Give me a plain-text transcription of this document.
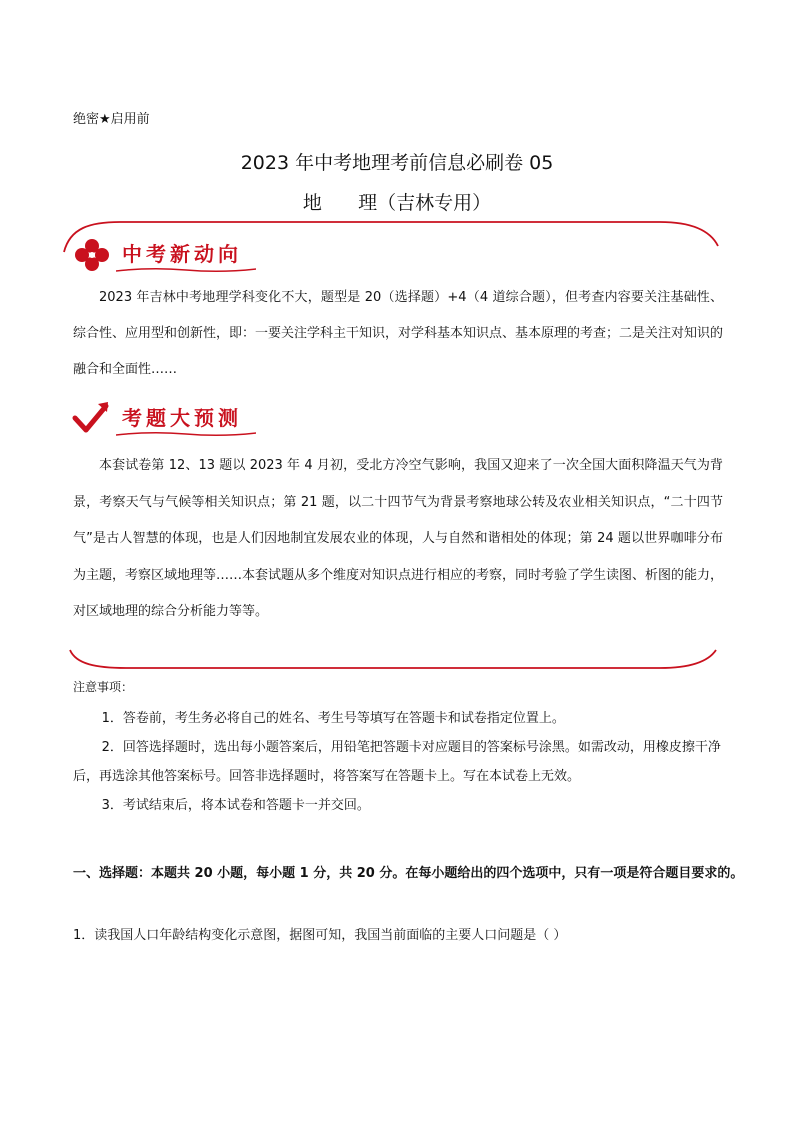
绝密★启用前
2023 年中考地理考前信息必刷卷 05
地      理（吉林专用）
中考新动向
2023 年吉林中考地理学科变化不大，题型是 20（选择题）+4（4 道综合题），但考查内容要关注基础性、综合性、应用型和创新性，即：一要关注学科主干知识，对学科基本知识点、基本原理的考查；二是关注对知识的融合和全面性……
考题大预测
本套试卷第 12、13 题以 2023 年 4 月初，受北方冷空气影响，我国又迎来了一次全国大面积降温天气为背景，考察天气与气候等相关知识点；第 21 题，以二十四节气为背景考察地球公转及农业相关知识点，“二十四节气”是古人智慧的体现，也是人们因地制宜发展农业的体现，人与自然和谐相处的体现；第 24 题以世界咖啡分布为主题，考察区域地理等……本套试题从多个维度对知识点进行相应的考察，同时考验了学生读图、析图的能力，对区域地理的综合分析能力等等。
注意事项：
1．答卷前，考生务必将自己的姓名、考生号等填写在答题卡和试卷指定位置上。
2．回答选择题时，选出每小题答案后，用铅笔把答题卡对应题目的答案标号涂黑。如需改动，用橡皮擦干净后，再选涂其他答案标号。回答非选择题时，将答案写在答题卡上。写在本试卷上无效。
3．考试结束后，将本试卷和答题卡一并交回。
一、选择题：本题共 20 小题，每小题 1 分，共 20 分。在每小题给出的四个选项中，只有一项是符合题目要求的。
1．读我国人口年龄结构变化示意图，据图可知，我国当前面临的主要人口问题是（ ）
